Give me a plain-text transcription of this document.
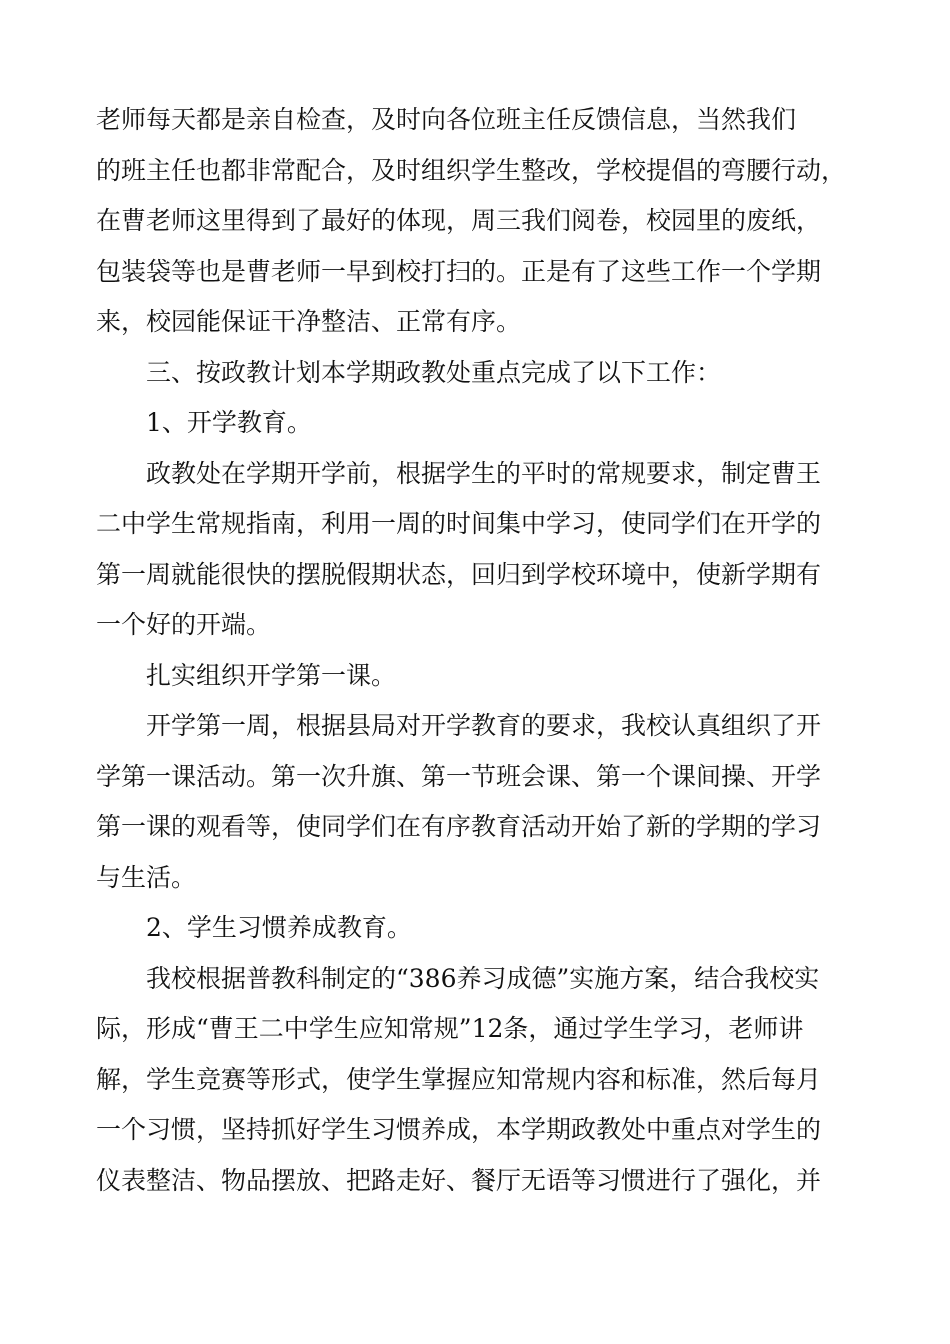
老师每天都是亲自检查，及时向各位班主任反馈信息，当然我们
的班主任也都非常配合，及时组织学生整改，学校提倡的弯腰行动，
在曹老师这里得到了最好的体现，周三我们阅卷，校园里的废纸，
包装袋等也是曹老师一早到校打扫的。正是有了这些工作一个学期
来，校园能保证干净整洁、正常有序。
三、按政教计划本学期政教处重点完成了以下工作：
1、开学教育。
政教处在学期开学前，根据学生的平时的常规要求，制定曹王
二中学生常规指南，利用一周的时间集中学习，使同学们在开学的
第一周就能很快的摆脱假期状态，回归到学校环境中，使新学期有
一个好的开端。
扎实组织开学第一课。
开学第一周，根据县局对开学教育的要求，我校认真组织了开
学第一课活动。第一次升旗、第一节班会课、第一个课间操、开学
第一课的观看等，使同学们在有序教育活动开始了新的学期的学习
与生活。
2、学生习惯养成教育。
我校根据普教科制定的“386养习成德”实施方案，结合我校实
际，形成“曹王二中学生应知常规”12条，通过学生学习，老师讲
解，学生竞赛等形式，使学生掌握应知常规内容和标准，然后每月
一个习惯，坚持抓好学生习惯养成，本学期政教处中重点对学生的
仪表整洁、物品摆放、把路走好、餐厅无语等习惯进行了强化，并
